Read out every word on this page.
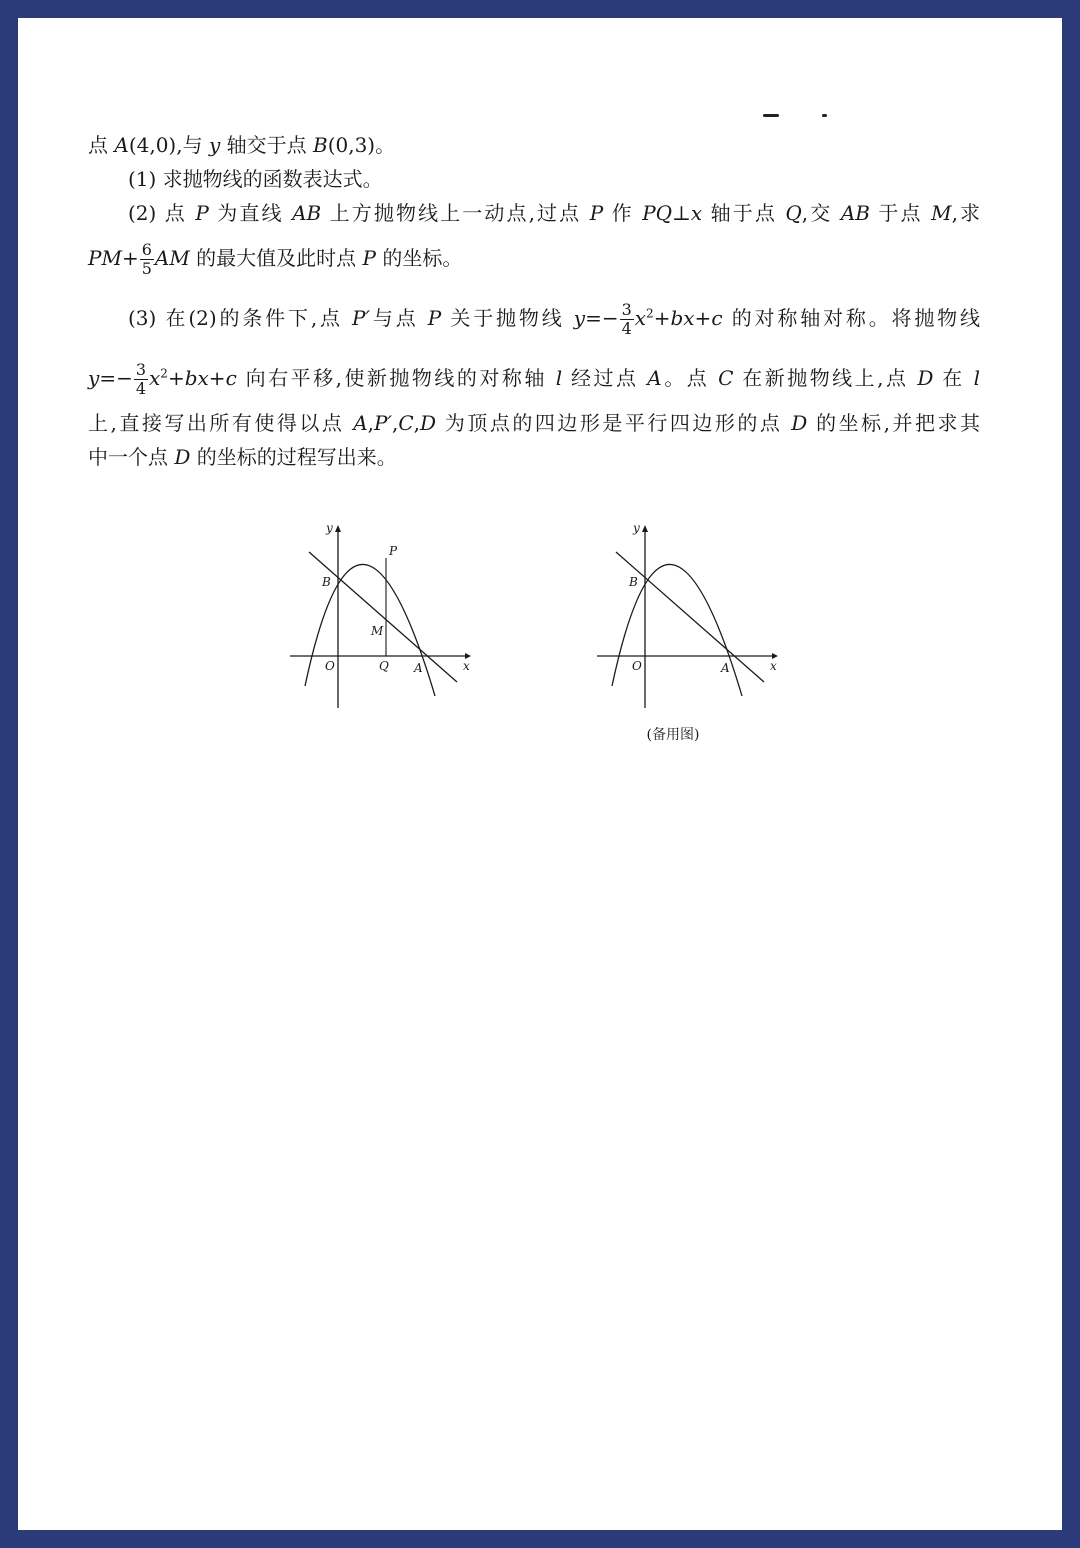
点 A(4,0),与 y 轴交于点 B(0,3)。
(1) 求抛物线的函数表达式。
(2) 点 P 为直线 AB 上方抛物线上一动点,过点 P 作 PQ⊥x 轴于点 Q,交 AB 于点 M,求
$PM+ \frac{6}{5}$ AM 的最大值及此时点 P 的坐标。
(3) 在(2)的条件下,点 P′与点 P 关于抛物线 $y=- \frac{3}{4} x^2+bx+c$ 的对称轴对称。将抛物线
$y=- \frac{3}{4} x^2+bx+c$ 向右平移,使新抛物线的对称轴 l 经过点 A。点 C 在新抛物线上,点 D 在 l
上,直接写出所有使得以点 A,P′,C,D 为顶点的四边形是平行四边形的点 D 的坐标,并把求其
中一个点 D 的坐标的过程写出来。
y
x
O	A
B
P
M
Q
y
x
O	A
B
(备用图)
